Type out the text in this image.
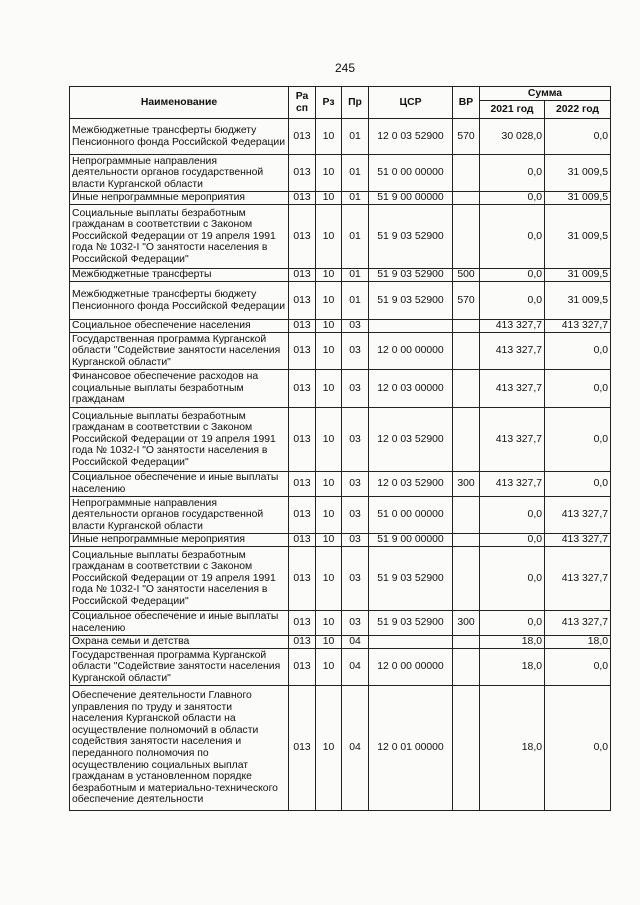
245
Наименование	Ра сп	Рз	Пр	ЦСР	ВР	Сумма	
						2021 год	2022 год
Межбюджетные трансферты бюджету Пенсионного фонда Российской Федерации	013	10	01	12 0 03 52900	570	30 028,0	0,0
Непрограммные направления деятельности органов государственной власти Курганской области	013	10	01	51 0 00 00000		0,0	31 009,5
Иные непрограммные мероприятия	013	10	01	51 9 00 00000		0,0	31 009,5
Социальные выплаты безработным гражданам в соответствии с Законом Российской Федерации от 19 апреля 1991 года № 1032-I "О занятости населения в Российской Федерации"	013	10	01	51 9 03 52900		0,0	31 009,5
Межбюджетные трансферты	013	10	01	51 9 03 52900	500	0,0	31 009,5
Межбюджетные трансферты бюджету Пенсионного фонда Российской Федерации	013	10	01	51 9 03 52900	570	0,0	31 009,5
Социальное обеспечение населения	013	10	03			413 327,7	413 327,7
Государственная программа Курганской области "Содействие занятости населения Курганской области"	013	10	03	12 0 00 00000		413 327,7	0,0
Финансовое обеспечение расходов на социальные выплаты безработным гражданам	013	10	03	12 0 03 00000		413 327,7	0,0
Социальные выплаты безработным гражданам в соответствии с Законом Российской Федерации от 19 апреля 1991 года № 1032-I "О занятости населения в Российской Федерации"	013	10	03	12 0 03 52900		413 327,7	0,0
Социальное обеспечение и иные выплаты населению	013	10	03	12 0 03 52900	300	413 327,7	0,0
Непрограммные направления деятельности органов государственной власти Курганской области	013	10	03	51 0 00 00000		0,0	413 327,7
Иные непрограммные мероприятия	013	10	03	51 9 00 00000		0,0	413 327,7
Социальные выплаты безработным гражданам в соответствии с Законом Российской Федерации от 19 апреля 1991 года № 1032-I "О занятости населения в Российской Федерации"	013	10	03	51 9 03 52900		0,0	413 327,7
Социальное обеспечение и иные выплаты населению	013	10	03	51 9 03 52900	300	0,0	413 327,7
Охрана семьи и детства	013	10	04			18,0	18,0
Государственная программа Курганской области "Содействие занятости населения Курганской области"	013	10	04	12 0 00 00000		18,0	0,0
Обеспечение деятельности Главного управления по труду и занятости населения Курганской области на осуществление полномочий в области содействия занятости населения и переданного полномочия по осуществлению социальных выплат гражданам в установленном порядке безработным и материально-технического обеспечение деятельности	013	10	04	12 0 01 00000		18,0	0,0
